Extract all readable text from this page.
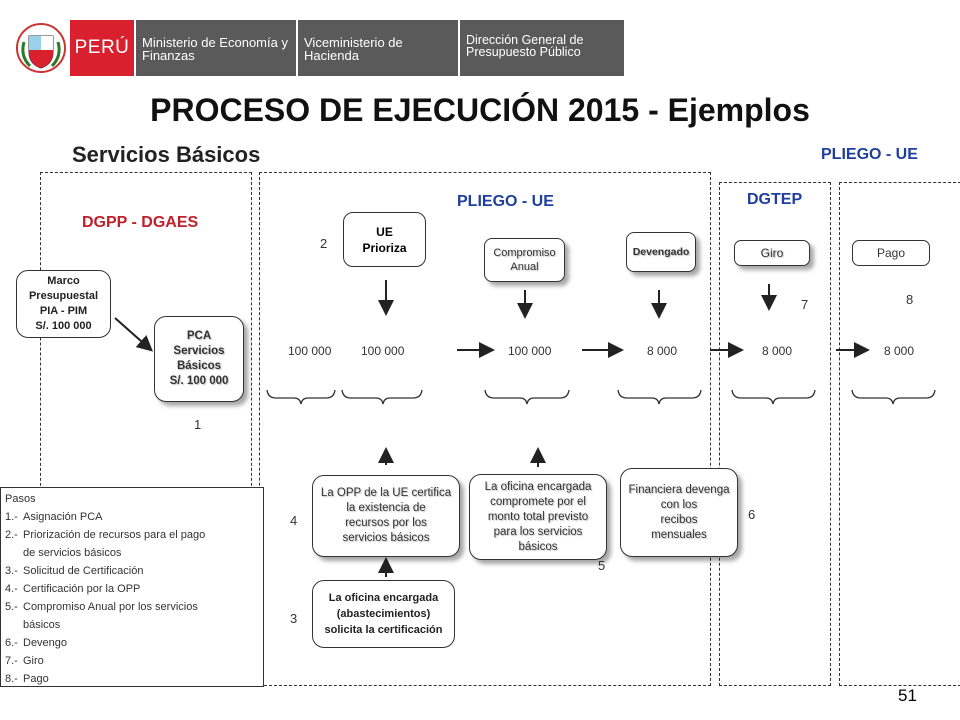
PERÚ Ministerio de Economía y Finanzas
Viceministerio de Hacienda
Dirección General de Presupuesto Público
PROCESO DE EJECUCIÓN 2015 - Ejemplos
Servicios Básicos	PLIEGO - UE
PLIEGO - UE	DGTEP
DGPP - DGAES
Marco
Presupuestal
PIA - PIM
S/. 100 000
PCA
Servicios
Básicos
S/. 100 000
UE
Prioriza	Compromiso
Anual
Devengado	Giro	Pago
La OPP de la UE certifica
la existencia de
recursos por los
servicios básicos
La oficina encargada
compromete por el
monto total previsto
para los servicios
básicos
Financiera devenga
con los
recibos
mensuales
La oficina encargada
(abastecimientos)
solicita la certificación
100 000 100 000	100 000	8 000	8 000	8 000
1
2
3
4
5
6
7	8
Pasos
1.- Asignación PCA
2.- Priorización de recursos para el pago
de servicios básicos
3.- Solicitud de Certificación
4.- Certificación por la OPP
5.- Compromiso Anual por los servicios
básicos
6.- Devengo
7.- Giro
8.- Pago
51
